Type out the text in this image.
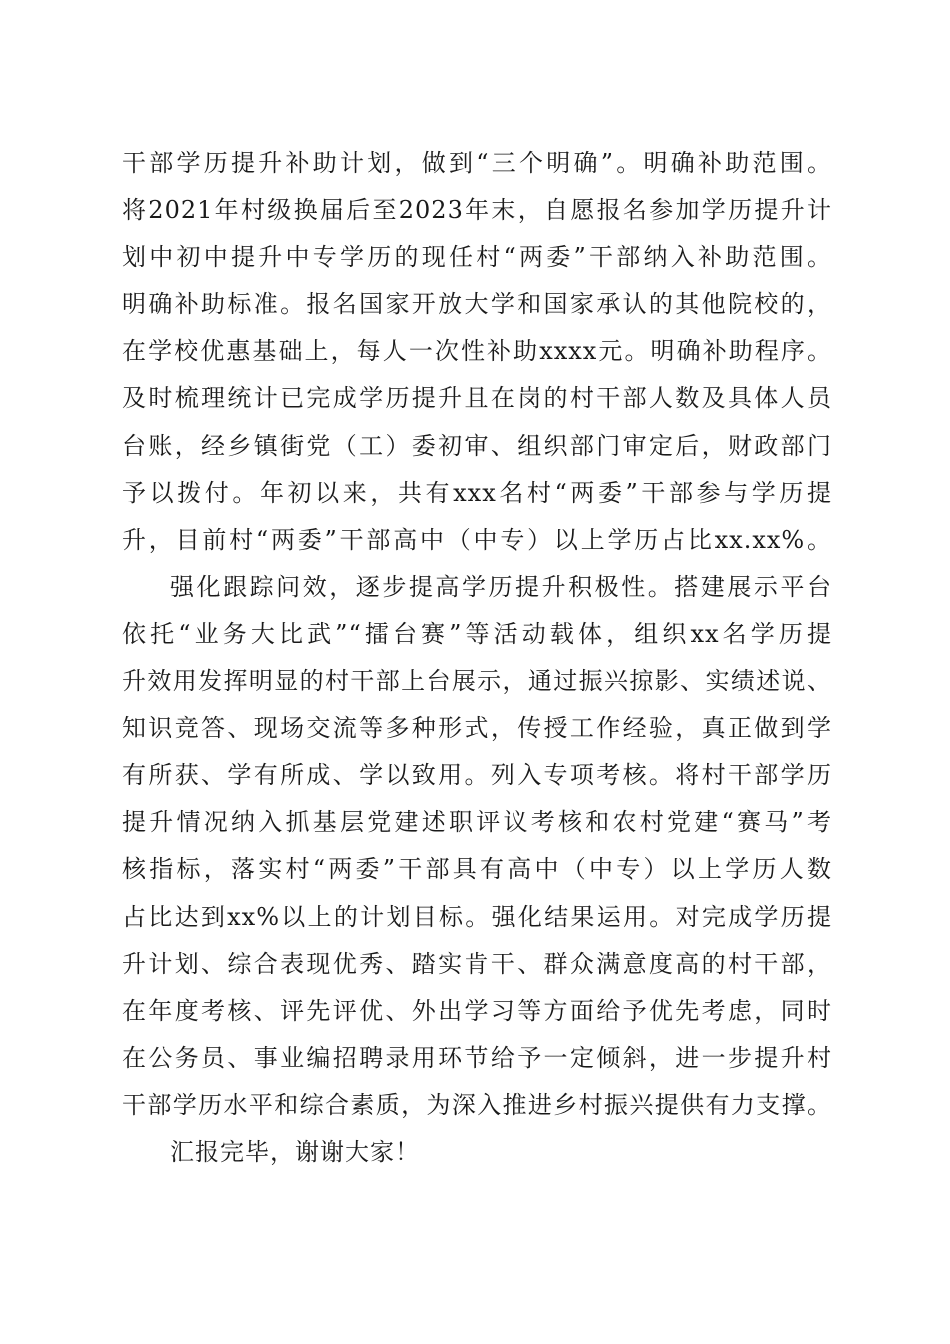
干部学历提升补助计划，做到“三个明确”。明确补助范围。
将2021年村级换届后至2023年末，自愿报名参加学历提升计
划中初中提升中专学历的现任村“两委”干部纳入补助范围。
明确补助标准。报名国家开放大学和国家承认的其他院校的，
在学校优惠基础上，每人一次性补助xxxx元。明确补助程序。
及时梳理统计已完成学历提升且在岗的村干部人数及具体人员
台账，经乡镇街党（工）委初审、组织部门审定后，财政部门
予以拨付。年初以来，共有xxx名村“两委”干部参与学历提
升，目前村“两委”干部高中（中专）以上学历占比xx.xx%。
强化跟踪问效，逐步提高学历提升积极性。搭建展示平台
依托“业务大比武”“擂台赛”等活动载体，组织xx名学历提
升效用发挥明显的村干部上台展示，通过振兴掠影、实绩述说、
知识竞答、现场交流等多种形式，传授工作经验，真正做到学
有所获、学有所成、学以致用。列入专项考核。将村干部学历
提升情况纳入抓基层党建述职评议考核和农村党建“赛马”考
核指标，落实村“两委”干部具有高中（中专）以上学历人数
占比达到xx%以上的计划目标。强化结果运用。对完成学历提
升计划、综合表现优秀、踏实肯干、群众满意度高的村干部，
在年度考核、评先评优、外出学习等方面给予优先考虑，同时
在公务员、事业编招聘录用环节给予一定倾斜，进一步提升村
干部学历水平和综合素质，为深入推进乡村振兴提供有力支撑。
汇报完毕，谢谢大家！
